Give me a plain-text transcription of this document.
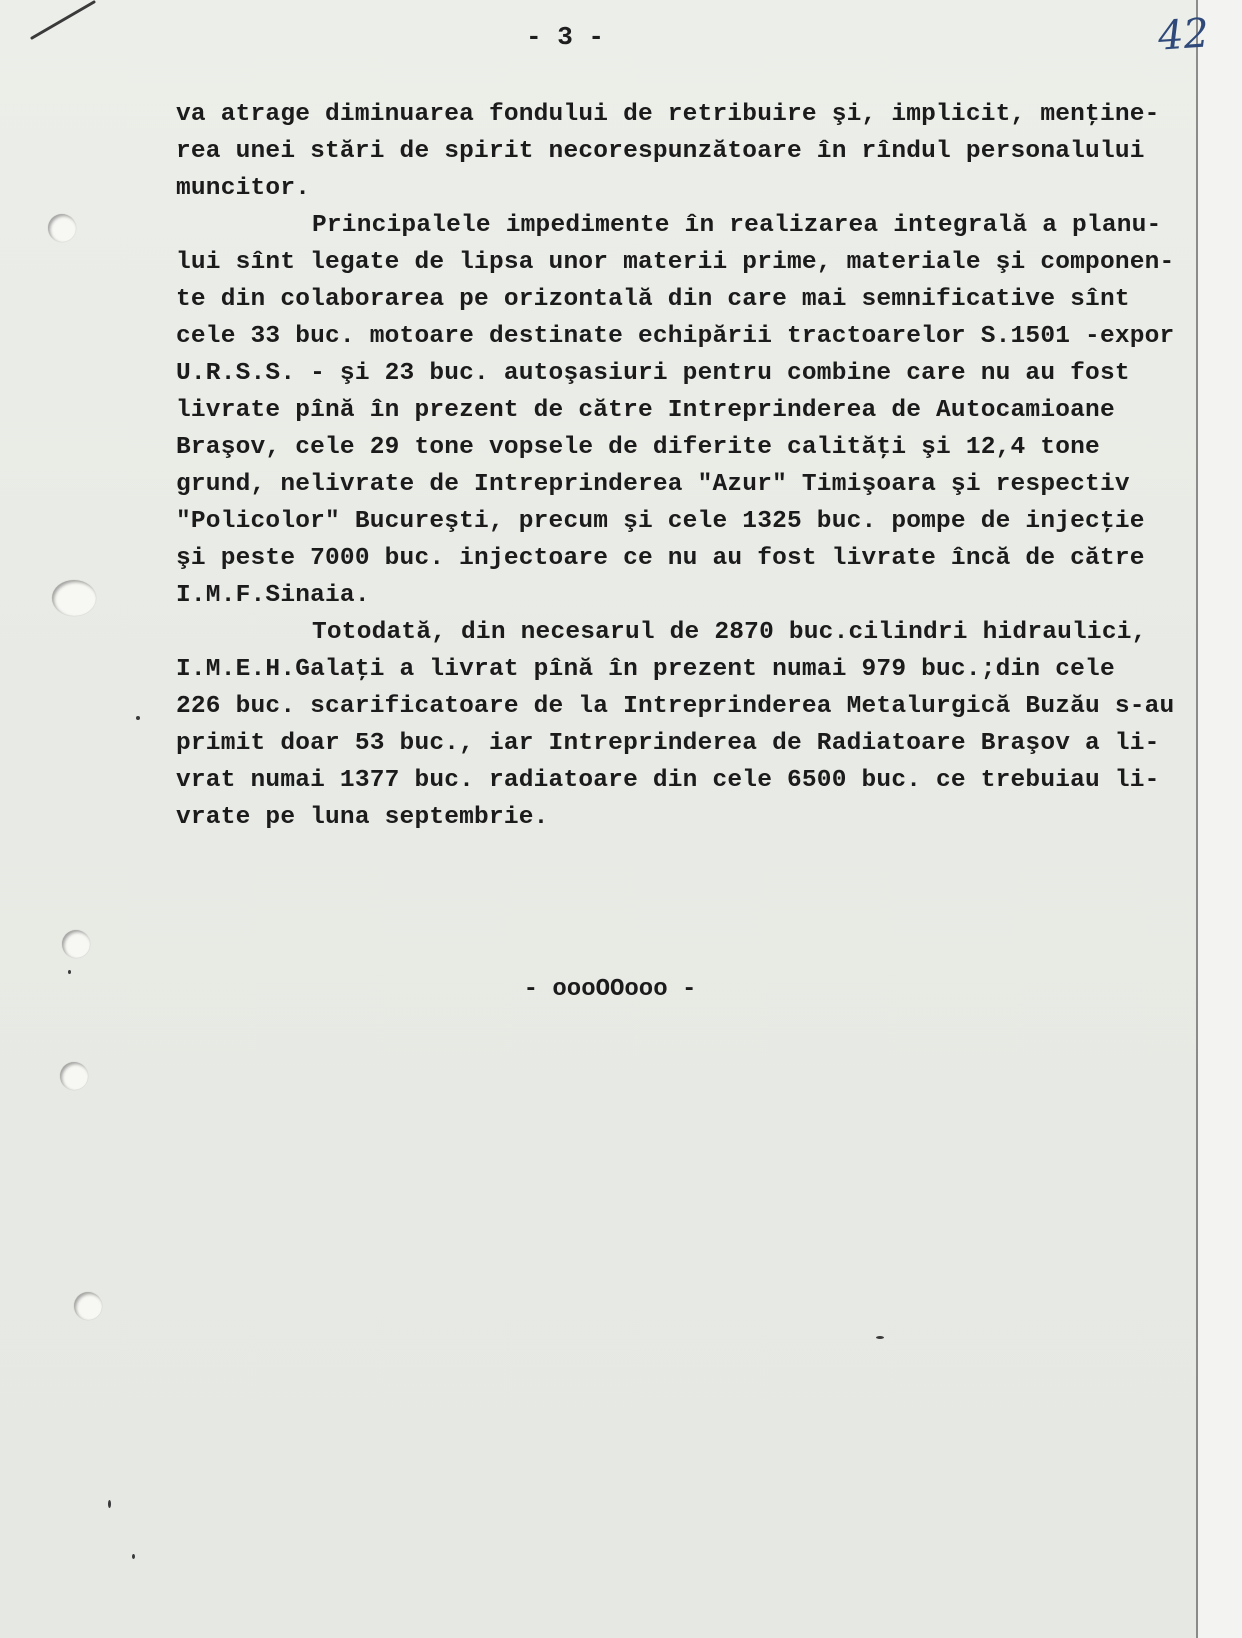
- 3 -	42
va atrage diminuarea fondului de retribuire şi, implicit, menţine-
rea unei stări de spirit necorespunzătoare în rîndul personalului
muncitor.
Principalele impedimente în realizarea integrală a planu-
lui sînt legate de lipsa unor materii prime, materiale şi componen-
te din colaborarea pe orizontală din care mai semnificative sînt
cele 33 buc. motoare destinate echipării tractoarelor S.1501 -expor
U.R.S.S. - şi 23 buc. autoşasiuri pentru combine care nu au fost
livrate pînă în prezent de către Intreprinderea de Autocamioane
Braşov, cele 29 tone vopsele de diferite calităţi şi 12,4 tone
grund, nelivrate de Intreprinderea "Azur" Timişoara şi respectiv
"Policolor" Bucureşti, precum şi cele 1325 buc. pompe de injecţie
şi peste 7000 buc. injectoare ce nu au fost livrate încă de către
I.M.F.Sinaia.
Totodată, din necesarul de 2870 buc.cilindri hidraulici,
I.M.E.H.Galaţi a livrat pînă în prezent numai 979 buc.;din cele
226 buc. scarificatoare de la Intreprinderea Metalurgică Buzău s-au
primit doar 53 buc., iar Intreprinderea de Radiatoare Braşov a li-
vrat numai 1377 buc. radiatoare din cele 6500 buc. ce trebuiau li-
vrate pe luna septembrie.
- oooOOooo -
